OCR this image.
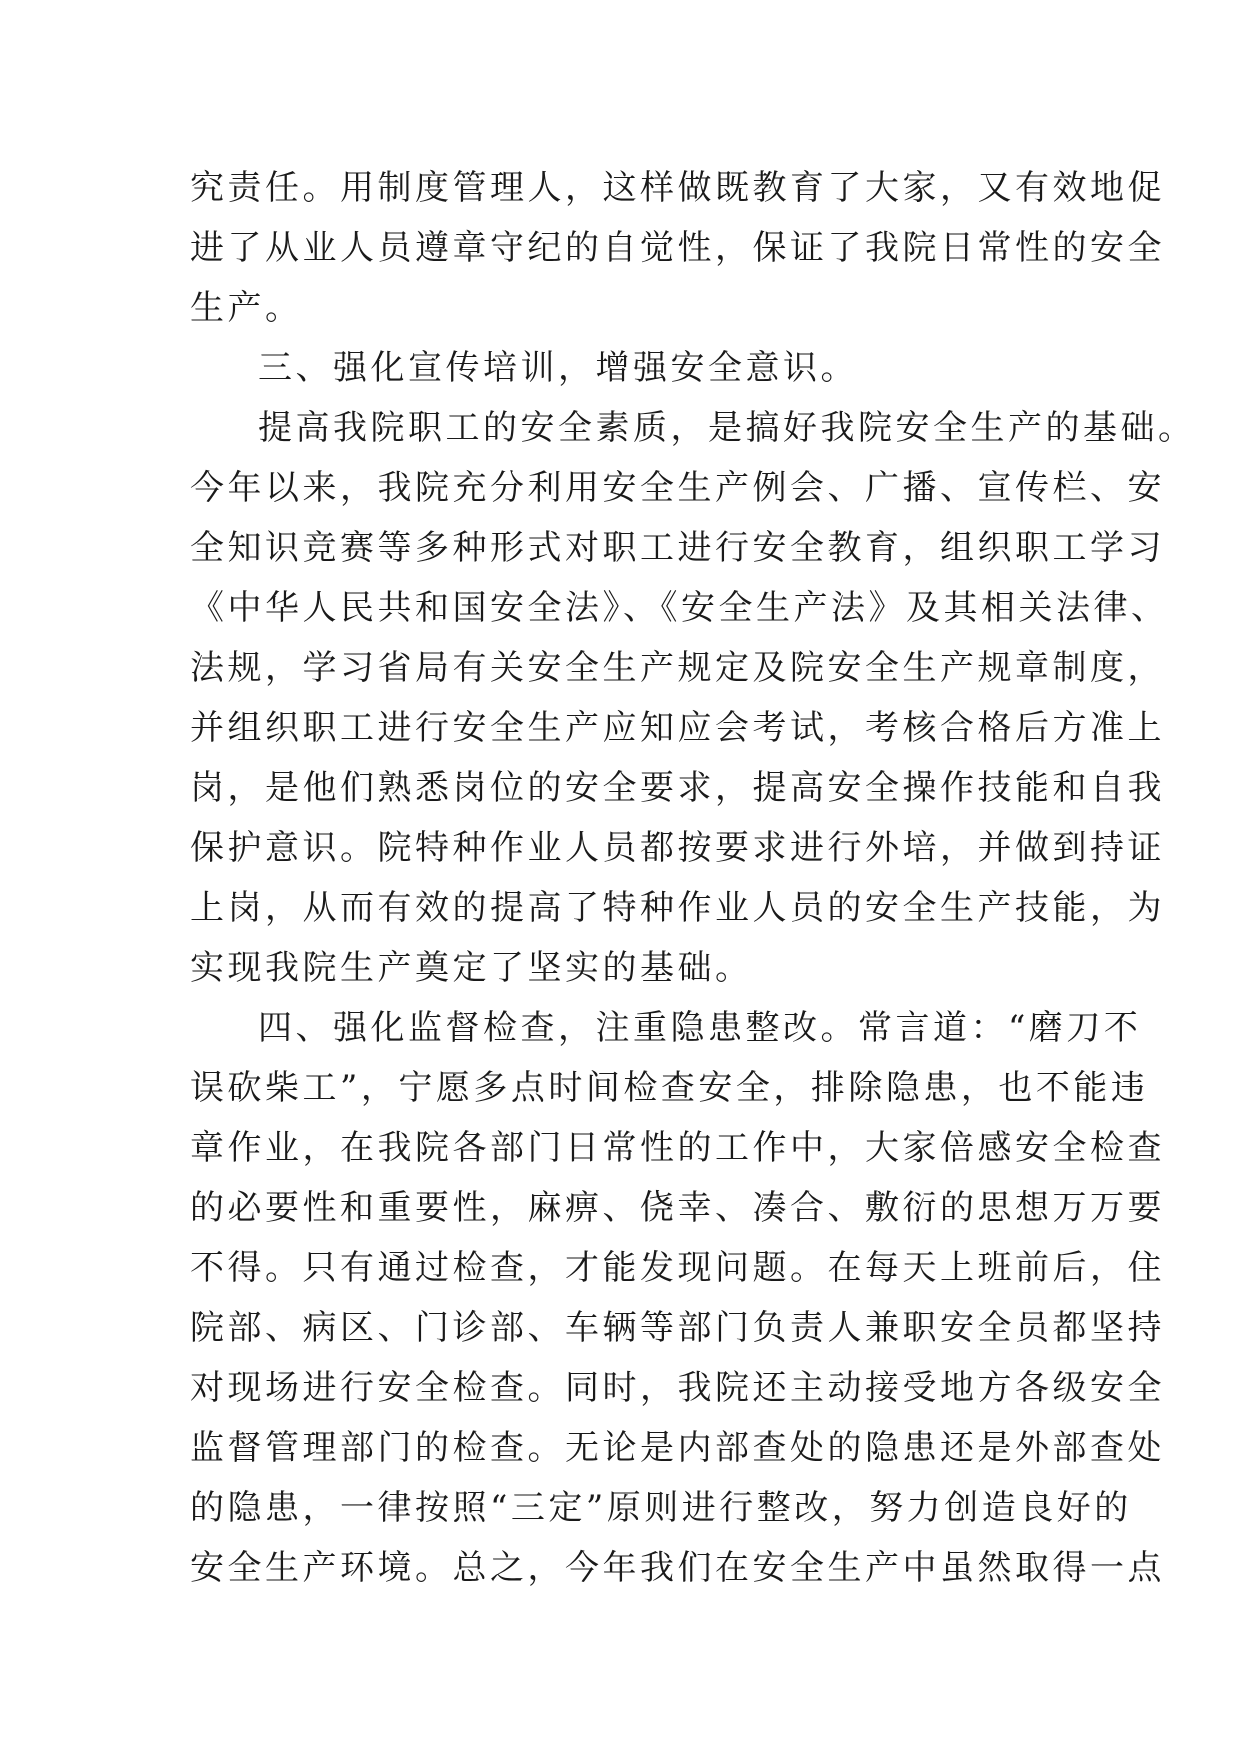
究责任。用制度管理人，这样做既教育了大家，又有效地促
进了从业人员遵章守纪的自觉性，保证了我院日常性的安全
生产。
三、强化宣传培训，增强安全意识。
提高我院职工的安全素质，是搞好我院安全生产的基础。
今年以来，我院充分利用安全生产例会、广播、宣传栏、安
全知识竞赛等多种形式对职工进行安全教育，组织职工学习
《中华人民共和国安全法》、《安全生产法》及其相关法律、
法规，学习省局有关安全生产规定及院安全生产规章制度，
并组织职工进行安全生产应知应会考试，考核合格后方准上
岗，是他们熟悉岗位的安全要求，提高安全操作技能和自我
保护意识。院特种作业人员都按要求进行外培，并做到持证
上岗，从而有效的提高了特种作业人员的安全生产技能，为
实现我院生产奠定了坚实的基础。
四、强化监督检查，注重隐患整改。常言道：“磨刀不
误砍柴工”，宁愿多点时间检查安全，排除隐患，也不能违
章作业，在我院各部门日常性的工作中，大家倍感安全检查
的必要性和重要性，麻痹、侥幸、凑合、敷衍的思想万万要
不得。只有通过检查，才能发现问题。在每天上班前后，住
院部、病区、门诊部、车辆等部门负责人兼职安全员都坚持
对现场进行安全检查。同时，我院还主动接受地方各级安全
监督管理部门的检查。无论是内部查处的隐患还是外部查处
的隐患，一律按照“三定”原则进行整改，努力创造良好的
安全生产环境。总之，今年我们在安全生产中虽然取得一点
